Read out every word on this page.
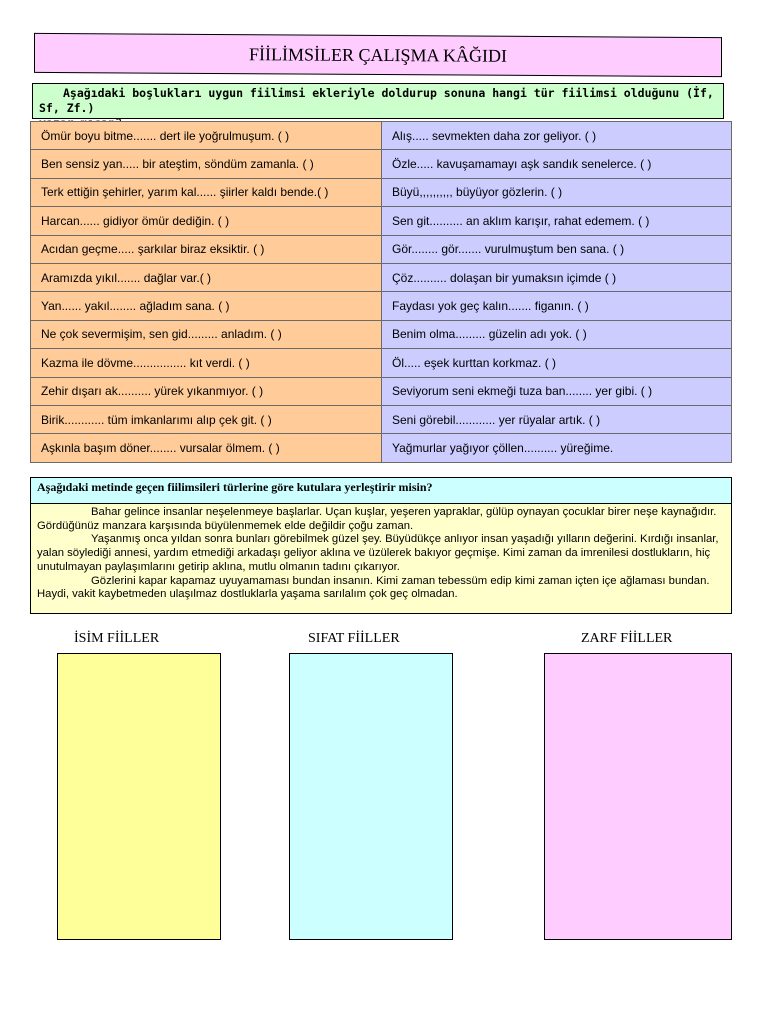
FİİLİMSİLER ÇALIŞMA KÂĞIDI
Aşağıdaki boşlukları uygun fiilimsi ekleriyle doldurup sonuna hangi tür fiilimsi olduğunu (İf, Sf, Zf.)

Ömür boyu bitme....... dert ile yoğrulmuşum. ( )	Alış..... sevmekten daha zor geliyor. ( )
Ben sensiz yan..... bir ateştim, söndüm zamanla. ( )	Özle..... kavuşamamayı aşk sandık senelerce. ( )
Terk ettiğin şehirler, yarım kal...... şiirler kaldı bende.( )	Büyü,,,,,,,,,, büyüyor gözlerin. ( )
Harcan...... gidiyor ömür dediğin. ( )	Sen git.......... an aklım karışır, rahat edemem. ( )
Acıdan geçme..... şarkılar biraz eksiktir. ( )	Gör........ gör....... vurulmuştum ben sana. ( )
Aramızda yıkıl....... dağlar var.( )	Çöz.......... dolaşan bir yumaksın içimde ( )
Yan...... yakıl........ ağladım sana. ( )	Faydası yok geç kalın....... figanın. ( )
Ne çok severmişim, sen gid......... anladım. ( )	Benim olma......... güzelin adı yok. ( )
Kazma ile dövme................ kıt verdi. ( )	Öl..... eşek kurttan korkmaz. ( )
Zehir dışarı ak.......... yürek yıkanmıyor. ( )	Seviyorum seni ekmeği tuza ban........ yer gibi. ( )
Birik............ tüm imkanlarımı alıp çek git. ( )	Seni görebil............ yer rüyalar artık. ( )
Aşkınla başım döner........ vursalar ölmem. ( )	Yağmurlar yağıyor çöllen.......... yüreğime.
Aşağıdaki metinde geçen fiilimsileri türlerine göre kutulara yerleştirir misin?

Bahar gelince insanlar neşelenmeye başlarlar. Uçan kuşlar, yeşeren yapraklar, gülüp oynayan çocuklar birer neşe kaynağıdır. Gördüğünüz manzara karşısında büyülenmemek elde değildir çoğu zaman.

Yaşanmış onca yıldan sonra bunları görebilmek güzel şey. Büyüdükçe anlıyor insan yaşadığı yılların değerini. Kırdığı insanlar, yalan söylediği annesi, yardım etmediği arkadaşı geliyor aklına ve üzülerek bakıyor geçmişe. Kimi zaman da imrenilesi dostlukların, hiç unutulmayan paylaşımlarını getirip aklına, mutlu olmanın tadını çıkarıyor.

Gözlerini kapar kapamaz uyuyamaması bundan insanın. Kimi zaman tebessüm edip kimi zaman içten içe ağlaması bundan. Haydi, vakit kaybetmeden ulaşılmaz dostluklarla yaşama sarılalım çok geç olmadan.

İSİM FİİLLER	SIFAT FİİLLER	ZARF FİİLLER
